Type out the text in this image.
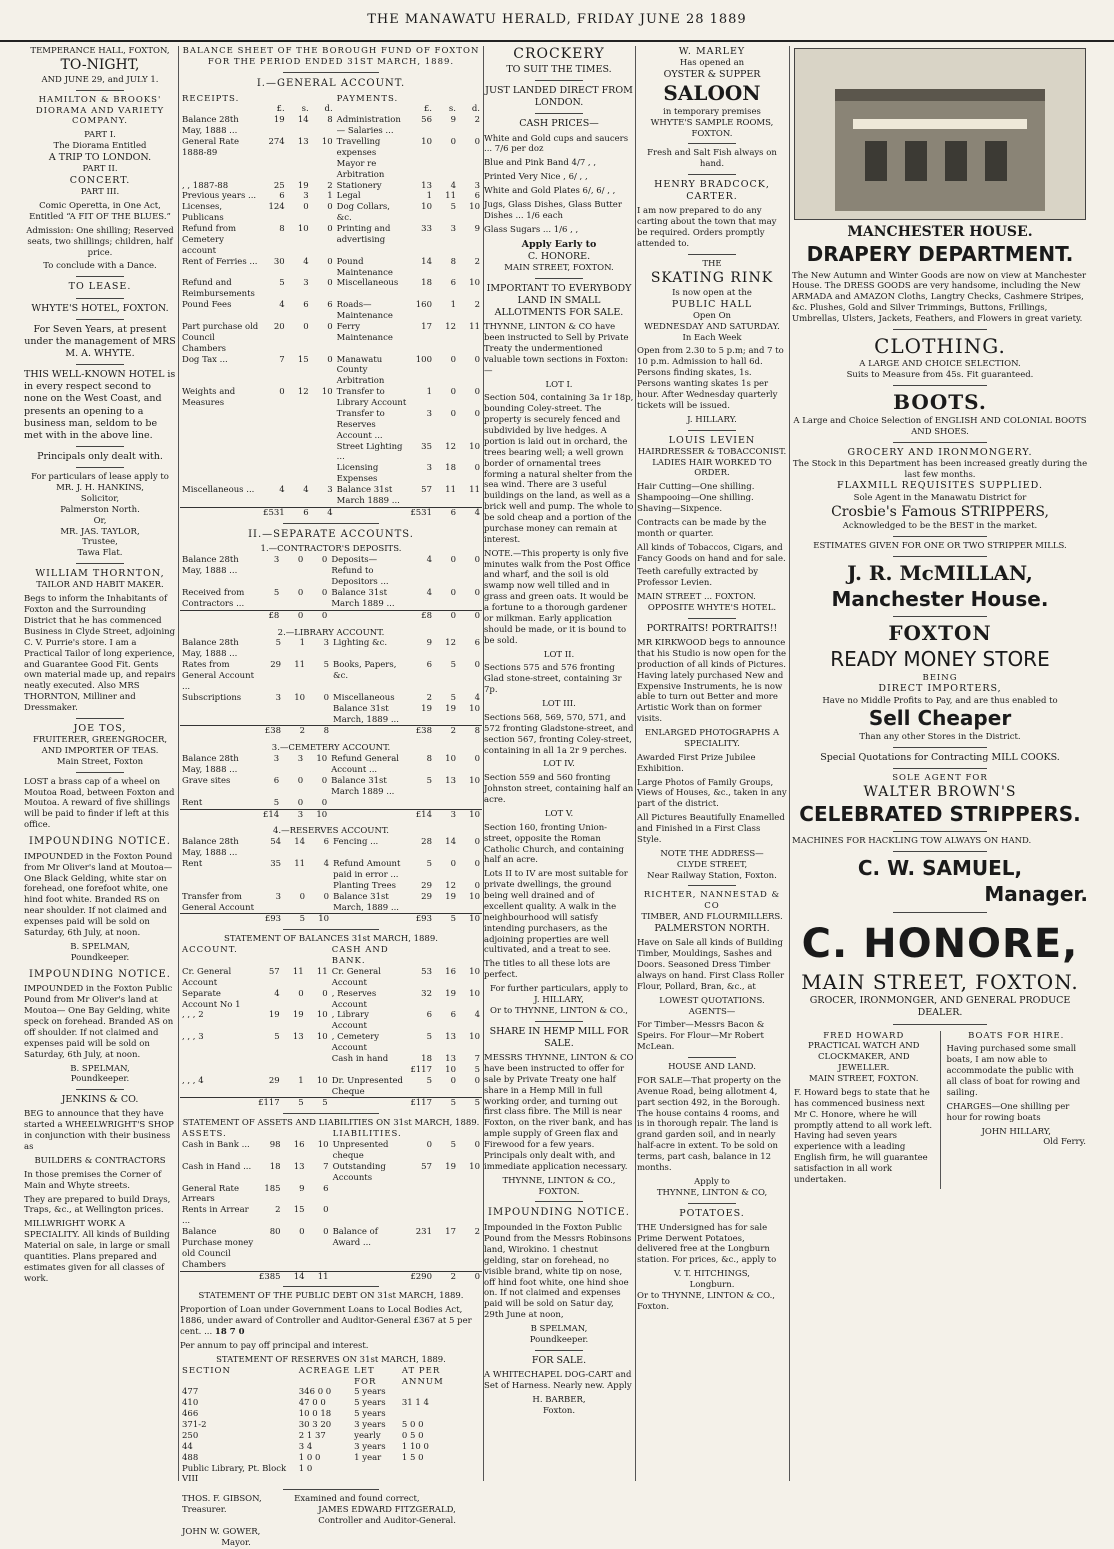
THE MANAWATU HERALD, FRIDAY JUNE 28 1889
TEMPERANCE HALL, FOXTON,
TO-NIGHT,
AND JUNE 29, and JULY 1.

HAMILTON & BROOKS' DIORAMA AND VARIETY COMPANY.

PART I.
The Diorama Entitled
A TRIP TO LONDON.
PART II.
CONCERT.
PART III.

Comic Operetta, in One Act, Entitled “A FIT OF THE BLUES.”

Admission: One shilling; Reserved seats, two shillings; children, half price.

To conclude with a Dance.
TO LEASE.
WHYTE'S HOTEL, FOXTON.

For Seven Years, at present under the management of MRS M. A. WHYTE.

THIS WELL-KNOWN HOTEL is in every respect second to none on the West Coast, and presents an opening to a business man, seldom to be met with in the above line.

Principals only dealt with.
For particulars of lease apply to
MR. J. H. HANKINS,
Solicitor,
Palmerston North.
Or,
MR. JAS. TAYLOR,
Trustee,
Tawa Flat.
WILLIAM THORNTON,
TAILOR AND HABIT MAKER.

Begs to inform the Inhabitants of Foxton and the Surrounding District that he has commenced Business in Clyde Street, adjoining C. V. Purrie's store. I am a Practical Tailor of long experience, and Guarantee Good Fit. Gents own material made up, and repairs neatly executed. Also MRS THORNTON, Milliner and Dressmaker.

JOE TOS,
FRUITERER, GREENGROCER, AND IMPORTER OF TEAS.
Main Street, Foxton

LOST a brass cap of a wheel on Moutoa Road, between Foxton and Moutoa. A reward of five shillings will be paid to finder if left at this office.

IMPOUNDING NOTICE.

IMPOUNDED in the Foxton Pound from Mr Oliver's land at Moutoa— One Black Gelding, white star on forehead, one forefoot white, one hind foot white. Branded RS on near shoulder. If not claimed and expenses paid will be sold on Saturday, 6th July, at noon.

B. SPELMAN,
Poundkeeper.
IMPOUNDING NOTICE.

IMPOUNDED in the Foxton Public Pound from Mr Oliver's land at Moutoa— One Bay Gelding, white speck on forehead. Branded AS on off shoulder. If not claimed and expenses paid will be sold on Saturday, 6th July, at noon.

B. SPELMAN,
Poundkeeper.
JENKINS & CO.

BEG to announce that they have started a WHEELWRIGHT'S SHOP in conjunction with their business as

BUILDERS & CONTRACTORS

In those premises the Corner of Main and Whyte streets.

They are prepared to build Drays, Traps, &c., at Wellington prices.

MILLWRIGHT WORK A SPECIALITY. All kinds of Building Material on sale, in large or small quantities. Plans prepared and estimates given for all classes of work.

BALANCE SHEET OF THE BOROUGH FUND OF FOXTON FOR THE PERIOD ENDED 31ST MARCH, 1889.
I.—GENERAL ACCOUNT.
RECEIPTS.				PAYMENTS.			
	£.	s.	d.		£.	s.	d.
Balance 28th May, 1888 ...	19	14	8	Administration— Salaries ...	56	9	2
General Rate 1888-89	274	13	10	Travelling expenses Mayor re Arbitration	10	0	0
, , 1887-88	25	19	2	Stationery	13	4	3
Previous years ...	6	3	1	Legal	1	11	6
Licenses, Publicans	124	0	0	Dog Collars, &c.	10	5	10
Refund from Cemetery account	8	10	0	Printing and advertising	33	3	9
Rent of Ferries ...	30	4	0	Pound Maintenance	14	8	2
Refund and Reimbursements	5	3	0	Miscellaneous	18	6	10
Pound Fees	4	6	6	Roads— Maintenance	160	1	2
Part purchase old Council Chambers	20	0	0	Ferry Maintenance	17	12	11
Dog Tax ...	7	15	0	Manawatu County Arbitration	100	0	0
Weights and Measures	0	12	10	Transfer to Library Account	1	0	0
				Transfer to Reserves Account ...	3	0	0
				Street Lighting ...	35	12	10
				Licensing Expenses	3	18	0
Miscellaneous ...	4	4	3	Balance 31st March 1889 ...	57	11	11
	£531	6	4		£531	6	4
II.—SEPARATE ACCOUNTS.
1.—CONTRACTOR'S DEPOSITS.
Balance 28th May, 1888 ...	3	0	0	Deposits— Refund to Depositors ...	4	0	0
Received from Contractors ...	5	0	0	Balance 31st March 1889 ...	4	0	0
	£8	0	0		£8	0	0
2.—LIBRARY ACCOUNT.
Balance 28th May, 1888 ...	5	1	3	Lighting &c.	9	12	6
Rates from General Account ...	29	11	5	Books, Papers, &c.	6	5	0
Subscriptions	3	10	0	Miscellaneous	2	5	4
				Balance 31st March, 1889 ...	19	19	10
	£38	2	8		£38	2	8
3.—CEMETERY ACCOUNT.
Balance 28th May, 1888 ...	3	3	10	Refund General Account ...	8	10	0
Grave sites	6	0	0	Balance 31st March 1889 ...	5	13	10
Rent	5	0	0				
	£14	3	10		£14	3	10
4.—RESERVES ACCOUNT.
Balance 28th May, 1888 ...	54	14	6	Fencing ...	28	14	0
Rent	35	11	4	Refund Amount paid in error ...	5	0	0
				Planting Trees	29	12	0
Transfer from General Account	3	0	0	Balance 31st March, 1889 ...	29	19	10
	£93	5	10		£93	5	10
STATEMENT OF BALANCES 31st MARCH, 1889.
ACCOUNT.				CASH AND BANK.			
Cr. General Account	57	11	11	Cr. General Account	53	16	10
Separate Account No 1	4	0	0	, Reserves Account	32	19	10
, , , 2	19	19	10	, Library Account	6	6	4
, , , 3	5	13	10	, Cemetery Account	5	13	10
				Cash in hand	18	13	7
					£117	10	5
, , , 4	29	1	10	Dr. Unpresented Cheque	5	0	0
	£117	5	5		£117	5	5
STATEMENT OF ASSETS AND LIABILITIES ON 31st MARCH, 1889.
ASSETS.				LIABILITIES.			
Cash in Bank ...	98	16	10	Unpresented cheque	0	5	0
Cash in Hand ...	18	13	7	Outstanding Accounts	57	19	10
General Rate Arrears	185	9	6				
Rents in Arrear ...	2	15	0				
Balance Purchase money old Council Chambers	80	0	0	Balance of Award ...	231	17	2
	£385	14	11		£290	2	0
STATEMENT OF THE PUBLIC DEBT ON 31st MARCH, 1889.

Proportion of Loan under Government Loans to Local Bodies Act, 1886, under award of Controller and Auditor-General £367 at 5 per cent. ... 18 7 0

Per annum to pay off principal and interest.

STATEMENT OF RESERVES ON 31st MARCH, 1889.
SECTION	ACREAGE	LET FOR	AT PER ANNUM
477	346 0 0	5 years	
410	47 0 0	5 years	31 1 4
466	10 0 18	5 years	
371-2	30 3 20	3 years	5 0 0
250	2 1 37	yearly	0 5 0
44	3 4	3 years	1 10 0
488	1 0 0	1 year	1 5 0
Public Library, Pt. Block VIII	1 0		
THOS. F. GIBSON,	Examined and found correct,
Treasurer.	JAMES EDWARD FITZGERALD,
	Controller and Auditor-General.
JOHN W. GOWER,	
Mayor.	
CROCKERY
TO SUIT THE TIMES.
JUST LANDED DIRECT FROM LONDON.
CASH PRICES—

White and Gold cups and saucers ... 7/6 per doz

Blue and Pink Band 4/7 , ,

Printed Very Nice , 6/ , ,

White and Gold Plates 6/, 6/ , ,

Jugs, Glass Dishes, Glass Butter Dishes ... 1/6 each

Glass Sugars ... 1/6 , ,

Apply Early to
C. HONORE.
MAIN STREET, FOXTON.
IMPORTANT TO EVERYBODY
LAND IN SMALL ALLOTMENTS FOR SALE.

THYNNE, LINTON & CO have been instructed to Sell by Private Treaty the undermentioned valuable town sections in Foxton:—

LOT I.

Section 504, containing 3a 1r 18p, bounding Coley-street. The property is securely fenced and subdivided by live hedges. A portion is laid out in orchard, the trees bearing well; a well grown border of ornamental trees forming a natural shelter from the sea wind. There are 3 useful buildings on the land, as well as a brick well and pump. The whole to be sold cheap and a portion of the purchase money can remain at interest.

NOTE.—This property is only five minutes walk from the Post Office and wharf, and the soil is old swamp now well tilled and in grass and green oats. It would be a fortune to a thorough gardener or milkman. Early application should be made, or it is bound to be sold.

LOT II.

Sections 575 and 576 fronting Glad stone-street, containing 3r 7p.

LOT III.

Sections 568, 569, 570, 571, and 572 fronting Gladstone-street, and section 567, fronting Coley-street, containing in all 1a 2r 9 perches.

LOT IV.

Section 559 and 560 fronting Johnston street, containing half an acre.

LOT V.

Section 160, fronting Union-street, opposite the Roman Catholic Church, and containing half an acre.

Lots II to IV are most suitable for private dwellings, the ground being well drained and of excellent quality. A walk in the neighbourhood will satisfy intending purchasers, as the adjoining properties are well cultivated, and a treat to see.

The titles to all these lots are perfect.

For further particulars, apply to
J. HILLARY,
Or to THYNNE, LINTON & CO.,
SHARE IN HEMP MILL FOR SALE.

MESSRS THYNNE, LINTON & CO have been instructed to offer for sale by Private Treaty one half share in a Hemp Mill in full working order, and turning out first class fibre. The Mill is near Foxton, on the river bank, and has ample supply of Green flax and Firewood for a few years. Principals only dealt with, and immediate application necessary.

THYNNE, LINTON & CO.,
FOXTON.
IMPOUNDING NOTICE.

Impounded in the Foxton Public Pound from the Messrs Robinsons land, Wirokino. 1 chestnut gelding, star on forehead, no visible brand, white tip on nose, off hind foot white, one hind shoe on. If not claimed and expenses paid will be sold on Satur day, 29th June at noon,

B SPELMAN,
Poundkeeper.
FOR SALE.

A WHITECHAPEL DOG-CART and Set of Harness. Nearly new. Apply

H. BARBER,
Foxton.
W. MARLEY
Has opened an
OYSTER & SUPPER
SALOON
in temporary premises
WHYTE'S SAMPLE ROOMS, FOXTON.
Fresh and Salt Fish always on hand.
HENRY BRADCOCK,
CARTER.

I am now prepared to do any carting about the town that may be required. Orders promptly attended to.

THE
SKATING RINK
Is now open at the
PUBLIC HALL
Open On
WEDNESDAY AND SATURDAY.
In Each Week

Open from 2.30 to 5 p.m; and 7 to 10 p.m. Admission to hall 6d. Persons finding skates, 1s. Persons wanting skates 1s per hour. After Wednesday quarterly tickets will be issued.

J. HILLARY.
LOUIS LEVIEN
HAIRDRESSER & TOBACCONIST.
LADIES HAIR WORKED TO ORDER.

Hair Cutting—One shilling. Shampooing—One shilling. Shaving—Sixpence.

Contracts can be made by the month or quarter.

All kinds of Tobaccos, Cigars, and Fancy Goods on hand and for sale.

Teeth carefully extracted by Professor Levien.

MAIN STREET ... FOXTON.
OPPOSITE WHYTE'S HOTEL.
PORTRAITS! PORTRAITS!!

MR KIRKWOOD begs to announce that his Studio is now open for the production of all kinds of Pictures. Having lately purchased New and Expensive Instruments, he is now able to turn out Better and more Artistic Work than on former visits.

ENLARGED PHOTOGRAPHS A SPECIALITY.

Awarded First Prize Jubilee Exhibition.

Large Photos of Family Groups, Views of Houses, &c., taken in any part of the district.

All Pictures Beautifully Enamelled and Finished in a First Class Style.

NOTE THE ADDRESS—
CLYDE STREET,
Near Railway Station, Foxton.
RICHTER, NANNESTAD & CO
TIMBER, AND FLOURMILLERS.
PALMERSTON NORTH.

Have on Sale all kinds of Building Timber, Mouldings, Sashes and Doors. Seasoned Dress Timber always on hand. First Class Roller Flour, Pollard, Bran, &c., at

LOWEST QUOTATIONS.
AGENTS—

For Timber—Messrs Bacon & Speirs. For Flour—Mr Robert McLean.

HOUSE AND LAND.

FOR SALE—That property on the Avenue Road, being allotment 4, part section 492, in the Borough. The house contains 4 rooms, and is in thorough repair. The land is grand garden soil, and in nearly half-acre in extent. To be sold on terms, part cash, balance in 12 months.

Apply to
THYNNE, LINTON & CO,
POTATOES.

THE Undersigned has for sale Prime Derwent Potatoes, delivered free at the Longburn station. For prices, &c., apply to

V. T. HITCHINGS,
Longburn.
Or to THYNNE, LINTON & CO., Foxton.
MANCHESTER HOUSE.
DRAPERY DEPARTMENT.

The New Autumn and Winter Goods are now on view at Manchester House. The DRESS GOODS are very handsome, including the New ARMADA and AMAZON Cloths, Langtry Checks, Cashmere Stripes, &c. Plushes, Gold and Silver Trimmings, Buttons, Frillings, Umbrellas, Ulsters, Jackets, Feathers, and Flowers in great variety.

CLOTHING.
A LARGE AND CHOICE SELECTION.
Suits to Measure from 45s. Fit guaranteed.
BOOTS.
A Large and Choice Selection of ENGLISH AND COLONIAL BOOTS AND SHOES.
GROCERY AND IRONMONGERY.
The Stock in this Department has been increased greatly during the last few months.
FLAXMILL REQUISITES SUPPLIED.
Sole Agent in the Manawatu District for
Crosbie's Famous STRIPPERS,
Acknowledged to be the BEST in the market.
ESTIMATES GIVEN FOR ONE OR TWO STRIPPER MILLS.
J. R. McMILLAN,
Manchester House.
FOXTON
READY MONEY STORE
BEING
DIRECT IMPORTERS,
Have no Middle Profits to Pay, and are thus enabled to
Sell Cheaper
Than any other Stores in the District.
Special Quotations for Contracting MILL COOKS.
SOLE AGENT FOR
WALTER BROWN'S
CELEBRATED STRIPPERS.
MACHINES FOR HACKLING TOW ALWAYS ON HAND.
C. W. SAMUEL,
Manager.
C. HONORE,
MAIN STREET, FOXTON.
GROCER, IRONMONGER, AND GENERAL PRODUCE DEALER.
FRED HOWARD
PRACTICAL WATCH AND CLOCKMAKER, AND JEWELLER.
MAIN STREET, FOXTON.

F. Howard begs to state that he has commenced business next Mr C. Honore, where he will promptly attend to all work left. Having had seven years experience with a leading English firm, he will guarantee satisfaction in all work undertaken.

BOATS FOR HIRE.

Having purchased some small boats, I am now able to accommodate the public with all class of boat for rowing and sailing.

CHARGES—One shilling per hour for rowing boats

JOHN HILLARY,
Old Ferry.
